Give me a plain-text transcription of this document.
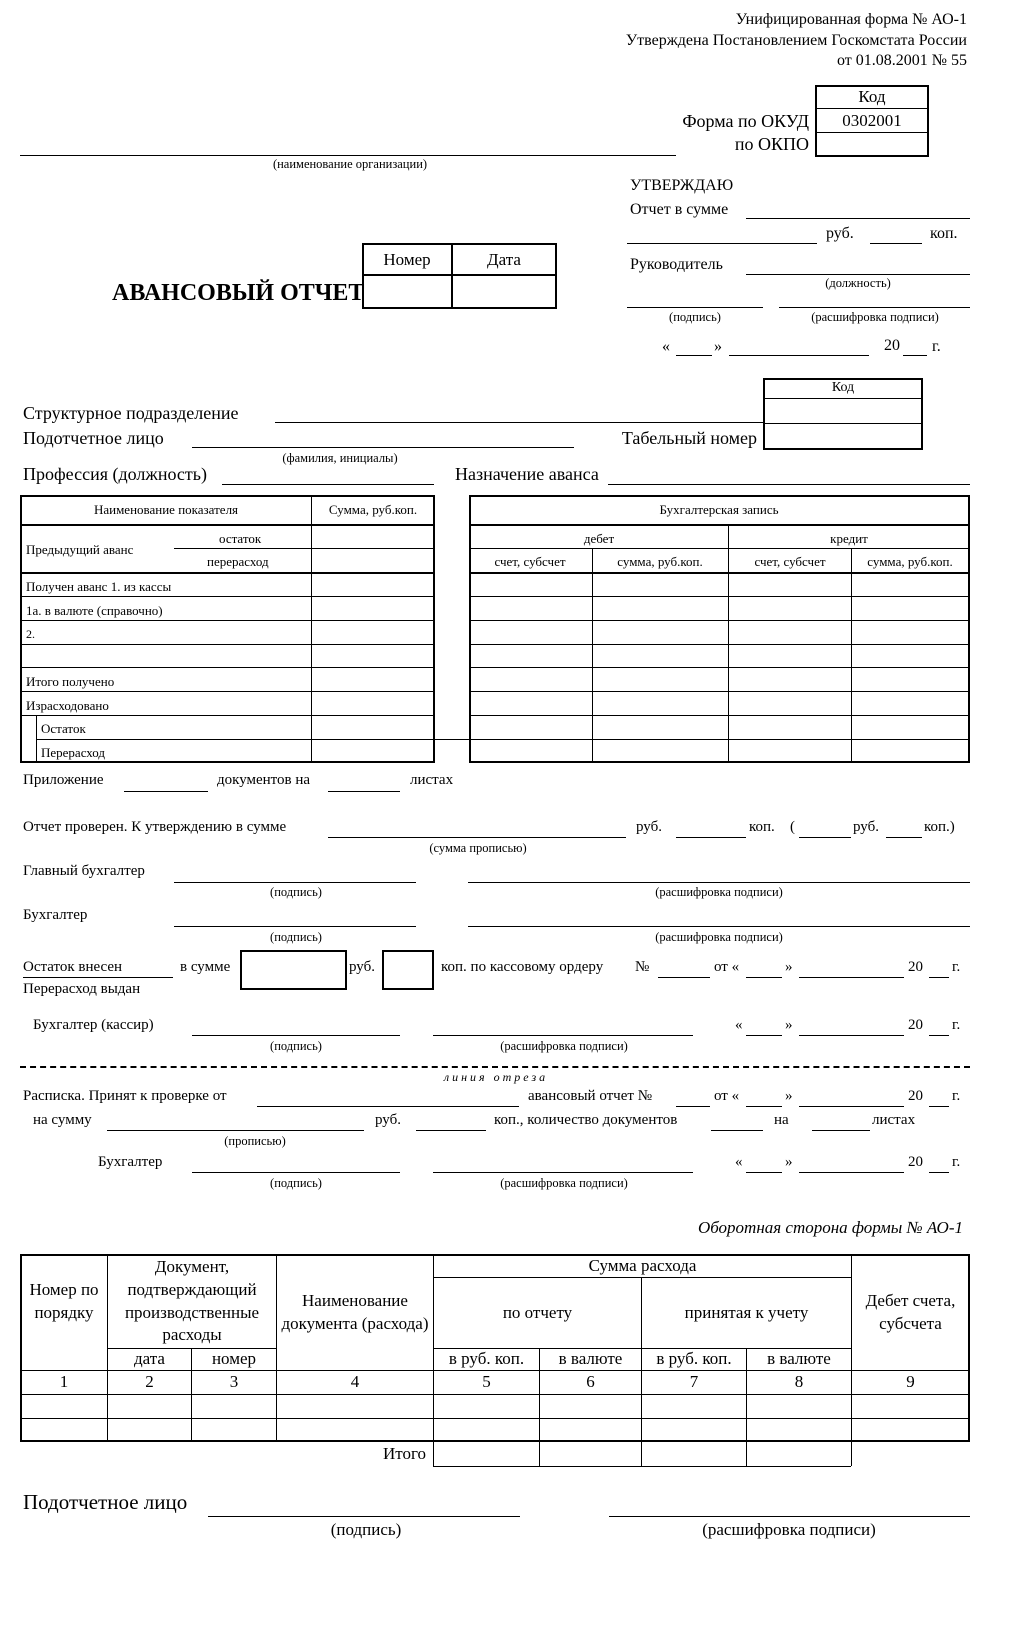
Унифицированная форма № АО-1
Утверждена Постановлением Госкомстата России
от 01.08.2001 № 55
Код
0302001
Форма по ОКУД
по ОКПО
(наименование организации)
УТВЕРЖДАЮ
Отчет в сумме
руб.	коп.
Руководитель
(должность)
(подпись)	(расшифровка подписи)
«	»	20 г.
АВАНСОВЫЙ ОТЧЕТ
Номер	Дата
Код
Структурное подразделение
Подотчетное лицо
(фамилия, инициалы)
Табельный номер
Профессия (должность)	Назначение аванса
Наименование показателя	Сумма, руб.коп.
Предыдущий аванс
остаток
перерасход
Получен аванс 1. из кассы
1а. в валюте (справочно)
2.
Итого получено
Израсходовано
Остаток
Перерасход
Бухгалтерская запись
дебет	кредит
счет, субсчет	сумма, руб.коп.	счет, субсчет	сумма, руб.коп.
Приложение	документов на	листах
Отчет проверен. К утверждению в сумме
(сумма прописью)
руб.	коп. (	руб.	коп.)
Главный бухгалтер
(подпись)	(расшифровка подписи)
Бухгалтер
(подпись)	(расшифровка подписи)
Остаток внесен
Перерасход выдан
в сумме	руб.	коп. по кассовому ордеру №	от «	»	20 г.
Бухгалтер (кассир)
(подпись)	(расшифровка подписи)
«	»	20 г.
линия отреза
Расписка. Принят к проверке от	авансовый отчет №	от «	»	20 г.
на сумму
(прописью)
руб.	коп., количество документов	на	листах
Бухгалтер
(подпись)	(расшифровка подписи)
«	»	20 г.
Оборотная сторона формы № АО-1
Номер по порядку
Документ, подтверждающий производственные расходы
дата	номер
Наименование документа (расхода)
Сумма расхода
по отчету	принятая к учету
в руб. коп.	в валюте	в руб. коп.	в валюте
Дебет счета, субсчета
1	2	3	4	5	6	7	8	9
Итого
Подотчетное лицо
(подпись)	(расшифровка подписи)
